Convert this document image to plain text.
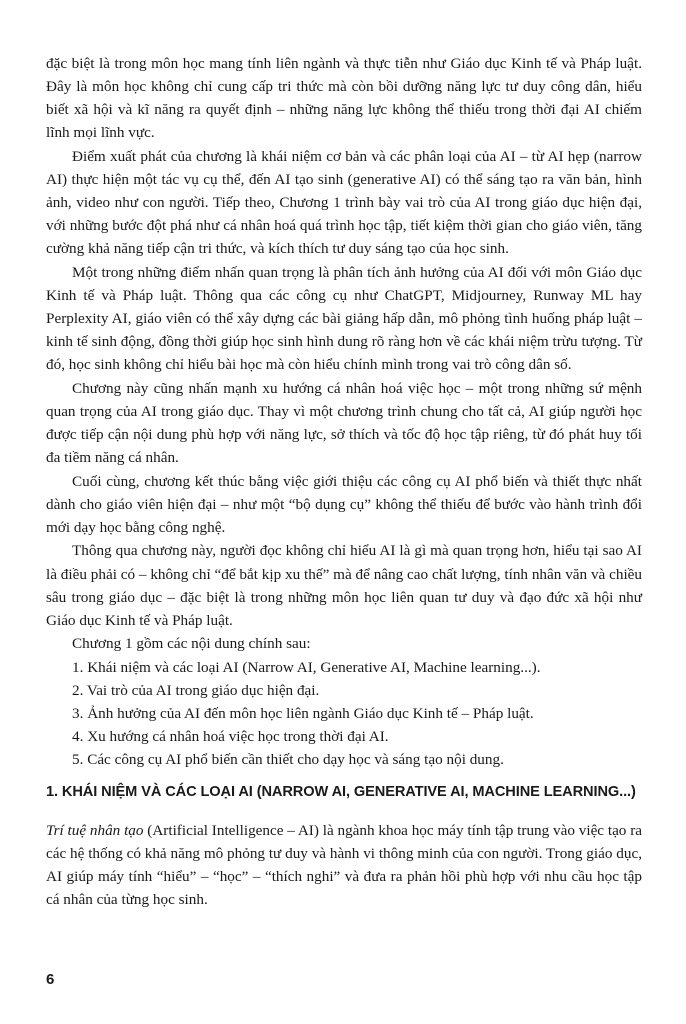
đặc biệt là trong môn học mang tính liên ngành và thực tiễn như Giáo dục Kinh tế và Pháp luật. Đây là môn học không chỉ cung cấp tri thức mà còn bồi dưỡng năng lực tư duy công dân, hiểu biết xã hội và kĩ năng ra quyết định – những năng lực không thể thiếu trong thời đại AI chiếm lĩnh mọi lĩnh vực.

Điểm xuất phát của chương là khái niệm cơ bản và các phân loại của AI – từ AI hẹp (narrow AI) thực hiện một tác vụ cụ thể, đến AI tạo sinh (generative AI) có thể sáng tạo ra văn bản, hình ảnh, video như con người. Tiếp theo, Chương 1 trình bày vai trò của AI trong giáo dục hiện đại, với những bước đột phá như cá nhân hoá quá trình học tập, tiết kiệm thời gian cho giáo viên, tăng cường khả năng tiếp cận tri thức, và kích thích tư duy sáng tạo của học sinh.

Một trong những điểm nhấn quan trọng là phân tích ảnh hưởng của AI đối với môn Giáo dục Kinh tế và Pháp luật. Thông qua các công cụ như ChatGPT, Midjourney, Runway ML hay Perplexity AI, giáo viên có thể xây dựng các bài giảng hấp dẫn, mô phỏng tình huống pháp luật – kinh tế sinh động, đồng thời giúp học sinh hình dung rõ ràng hơn về các khái niệm trừu tượng. Từ đó, học sinh không chỉ hiểu bài học mà còn hiểu chính mình trong vai trò công dân số.

Chương này cũng nhấn mạnh xu hướng cá nhân hoá việc học – một trong những sứ mệnh quan trọng của AI trong giáo dục. Thay vì một chương trình chung cho tất cả, AI giúp người học được tiếp cận nội dung phù hợp với năng lực, sở thích và tốc độ học tập riêng, từ đó phát huy tối đa tiềm năng cá nhân.

Cuối cùng, chương kết thúc bằng việc giới thiệu các công cụ AI phổ biến và thiết thực nhất dành cho giáo viên hiện đại – như một “bộ dụng cụ” không thể thiếu để bước vào hành trình đổi mới dạy học bằng công nghệ.

Thông qua chương này, người đọc không chỉ hiểu AI là gì mà quan trọng hơn, hiểu tại sao AI là điều phải có – không chỉ “để bắt kịp xu thế” mà để nâng cao chất lượng, tính nhân văn và chiều sâu trong giáo dục – đặc biệt là trong những môn học liên quan tư duy và đạo đức xã hội như Giáo dục Kinh tế và Pháp luật.

Chương 1 gồm các nội dung chính sau:

1. Khái niệm và các loại AI (Narrow AI, Generative AI, Machine learning...).
2. Vai trò của AI trong giáo dục hiện đại.
3. Ảnh hưởng của AI đến môn học liên ngành Giáo dục Kinh tế – Pháp luật.
4. Xu hướng cá nhân hoá việc học trong thời đại AI.
5. Các công cụ AI phổ biến cần thiết cho dạy học và sáng tạo nội dung.
1. KHÁI NIỆM VÀ CÁC LOẠI AI (NARROW AI, GENERATIVE AI, MACHINE LEARNING...)

Trí tuệ nhân tạo (Artificial Intelligence – AI) là ngành khoa học máy tính tập trung vào việc tạo ra các hệ thống có khả năng mô phỏng tư duy và hành vi thông minh của con người. Trong giáo dục, AI giúp máy tính “hiểu” – “học” – “thích nghi” và đưa ra phản hồi phù hợp với nhu cầu học tập cá nhân của từng học sinh.

6
